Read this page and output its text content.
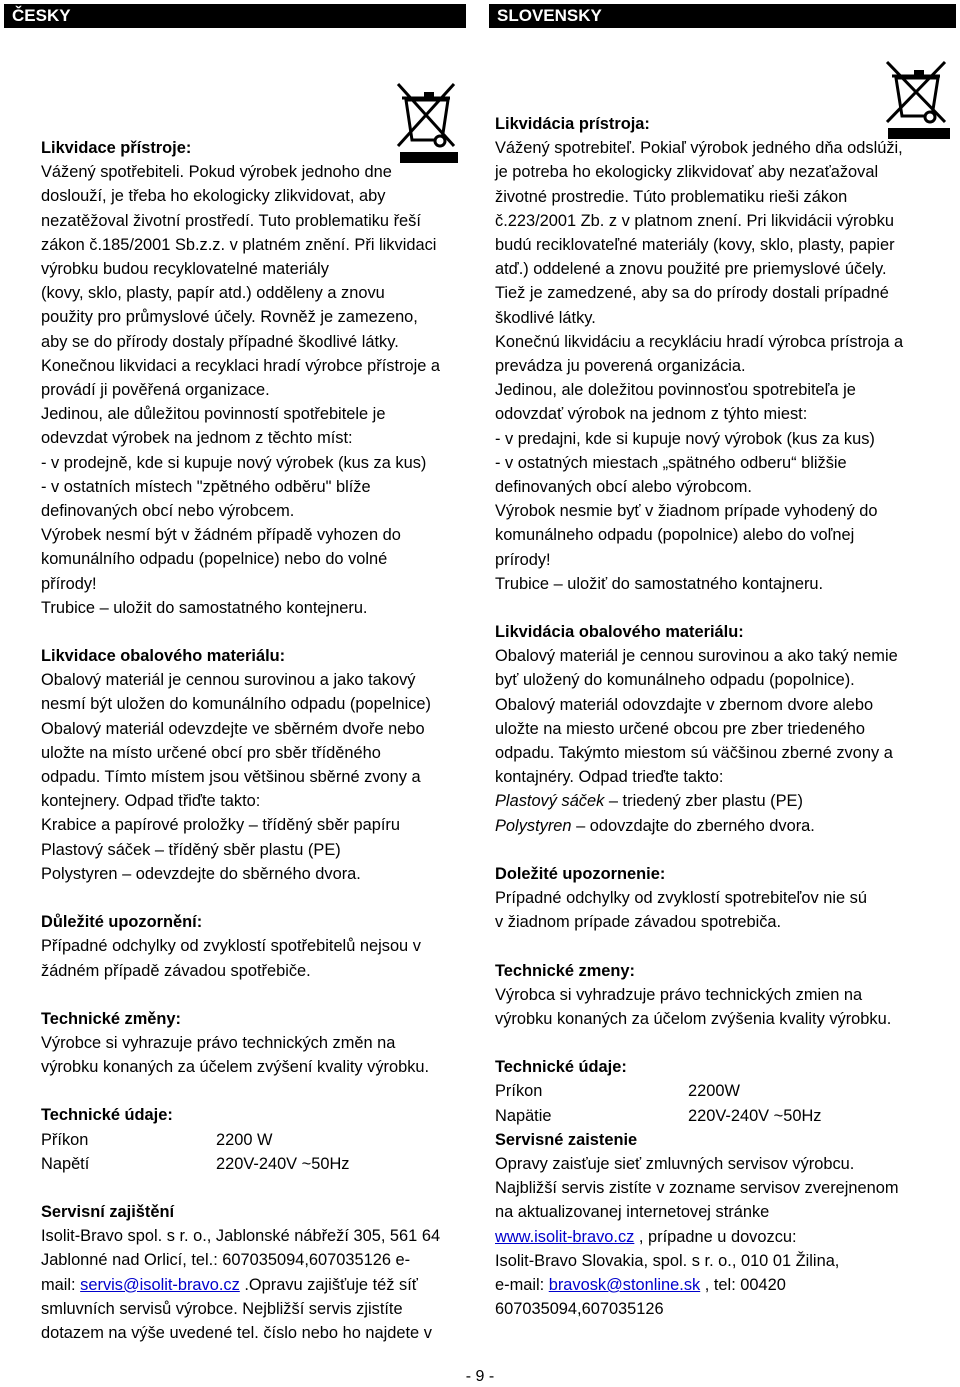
ČESKY	SLOVENSKY
Likvidace přístroje:

Vážený spotřebiteli. Pokud výrobek jednoho dne

doslouží, je třeba ho ekologicky zlikvidovat, aby

nezatěžoval životní prostředí. Tuto problematiku řeší

zákon č.185/2001 Sb.z.z. v platném znění. Při likvidaci

výrobku budou recyklovatelné materiály

(kovy, sklo, plasty, papír atd.) odděleny a znovu

použity pro průmyslové účely. Rovněž je zamezeno,

aby se do přírody dostaly případné škodlivé látky.

Konečnou likvidaci a recyklaci hradí výrobce přístroje a

provádí ji pověřená organizace.

Jedinou, ale důležitou povinností spotřebitele je

odevzdat výrobek na jednom z těchto míst:

- v prodejně, kde si kupuje nový výrobek (kus za kus)

- v ostatních místech "zpětného odběru" blíže

definovaných obcí nebo výrobcem.

Výrobek nesmí být v žádném případě vyhozen do

komunálního odpadu (popelnice) nebo do volné

přírody!

Trubice – uložit do samostatného kontejneru.

Likvidace obalového materiálu:

Obalový materiál je cennou surovinou a jako takový

nesmí být uložen do komunálního odpadu (popelnice)

Obalový materiál odevzdejte ve sběrném dvoře nebo

uložte na místo určené obcí pro sběr tříděného

odpadu. Tímto místem jsou většinou sběrné zvony a

kontejnery. Odpad třiďte takto:

Krabice a papírové proložky – tříděný sběr papíru

Plastový sáček – tříděný sběr plastu (PE)

Polystyren – odevzdejte do sběrného dvora.

Důležité upozornění:

Případné odchylky od zvyklostí spotřebitelů nejsou v

žádném případě závadou spotřebiče.

Technické změny:

Výrobce si vyhrazuje právo technických změn na

výrobku konaných za účelem zvýšení kvality výrobku.

Technické údaje:
Příkon	2200 W
Napětí	220V-240V ~50Hz
Servisní zajištění

Isolit-Bravo spol. s r. o., Jablonské nábřeží 305, 561 64

Jablonné nad Orlicí, tel.: 607035094,607035126 e-

mail: servis@isolit-bravo.cz .Opravu zajišťuje též síť

smluvních servisů výrobce. Nejbližší servis zjistíte

dotazem na výše uvedené tel. číslo nebo ho najdete v

Likvidácia prístroja:

Vážený spotrebiteľ. Pokiaľ výrobok jedného dňa odslúži,

je potreba ho ekologicky zlikvidovať aby nezaťažoval

životné prostredie. Túto problematiku rieši zákon

č.223/2001 Zb. z v platnom znení. Pri likvidácii výrobku

budú reciklovateľné materiály (kovy, sklo, plasty, papier

atď.) oddelené a znovu použité pre priemyslové účely.

Tiež je zamedzené, aby sa do prírody dostali prípadné

škodlivé látky.

Konečnú likvidáciu a recykláciu hradí výrobca prístroja a

prevádza ju poverená organizácia.

Jedinou, ale doležitou povinnosťou spotrebiteľa je

odovzdať výrobok na jednom z týhto miest:

- v predajni, kde si kupuje nový výrobok (kus za kus)

- v ostatných miestach „spätného odberu“ bližšie

definovaných obcí alebo výrobcom.

Výrobok nesmie byť v žiadnom prípade vyhodený do

komunálneho odpadu (popolnice) alebo do voľnej

prírody!

Trubice – uložiť do samostatného kontajneru.

Likvidácia obalového materiálu:

Obalový materiál je cennou surovinou a ako taký nemie

byť uložený do komunálneho odpadu (popolnice).

Obalový materiál odovzdajte v zbernom dvore alebo

uložte na miesto určené obcou pre zber triedeného

odpadu. Takýmto miestom sú väčšinou zberné zvony a

kontajnéry. Odpad trieďte takto:

Plastový sáček – triedený zber plastu (PE)

Polystyren – odovzdajte do zberného dvora.

Doležité upozornenie:

Prípadné odchylky od zvyklostí spotrebiteľov nie sú

v žiadnom prípade závadou spotrebiča.

Technické zmeny:

Výrobca si vyhradzuje právo technických zmien na

výrobku konaných za účelom zvýšenia kvality výrobku.

Technické údaje:
Príkon	2200W
Napätie	220V-240V ~50Hz
Servisné zaistenie

Opravy zaisťuje sieť zmluvných servisov výrobcu.

Najbližší servis zistíte v zozname servisov zverejnenom

na aktualizovanej internetovej stránke

www.isolit-bravo.cz , prípadne u dovozcu:

Isolit-Bravo Slovakia, spol. s r. o., 010 01 Žilina,

e-mail: bravosk@stonline.sk , tel: 00420

607035094,607035126

- 9 -
